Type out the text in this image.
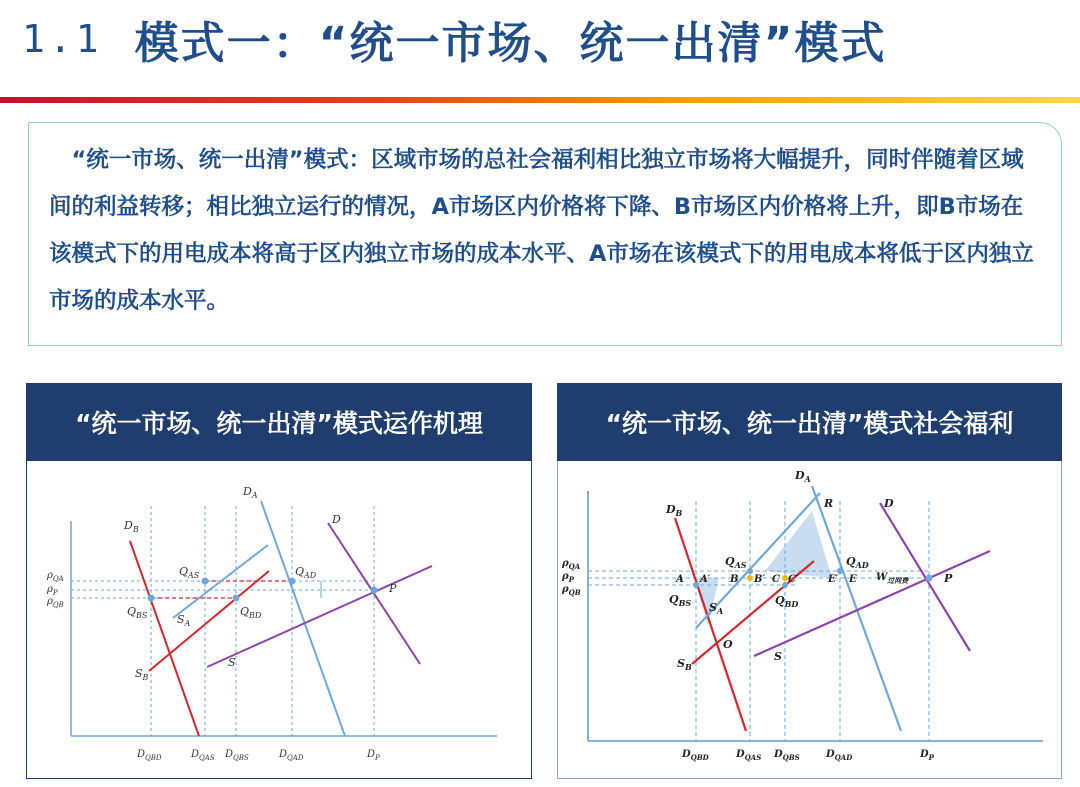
1.1 模式一：“统一市场、统一出清”模式

“统一市场、统一出清”模式：区域市场的总社会福利相比独立市场将大幅提升，同时伴随着区域间的利益转移；相比独立运行的情况，A市场区内价格将下降、B市场区内价格将上升，即B市场在该模式下的用电成本将高于区内独立市场的成本水平、A市场在该模式下的用电成本将低于区内独立市场的成本水平。

“统一市场、统一出清”模式运作机理
$D_A$
$D_B$
D
$Q_{AS}$	$Q_{AD}$
$Q_{BS}$	$Q_{BD}$
$S_A$
$S_B$
S
P
$\rho_{QA}$
$\rho_P$
$\rho_{QB}$
$D_{QBD}$	$D_{QAS}$ $D_{QBS}$	$D_{QAD}$	$D_P$
“统一市场、统一出清”模式社会福利
$D_A$
$D_B$
D
R
$Q_{AS}$	$Q_{AD}$
$Q_{BS}$	$Q_{BD}$
$S_A$
$S_B$
S
O
P
A A′ B B′ C C′	E′ E $W_{过网费}$
$\rho_{QA}$
$\rho_P$
$\rho_{QB}$
$D_{QBD}$	$D_{QAS}$ $D_{QBS}$	$D_{QAD}$	$D_P$
